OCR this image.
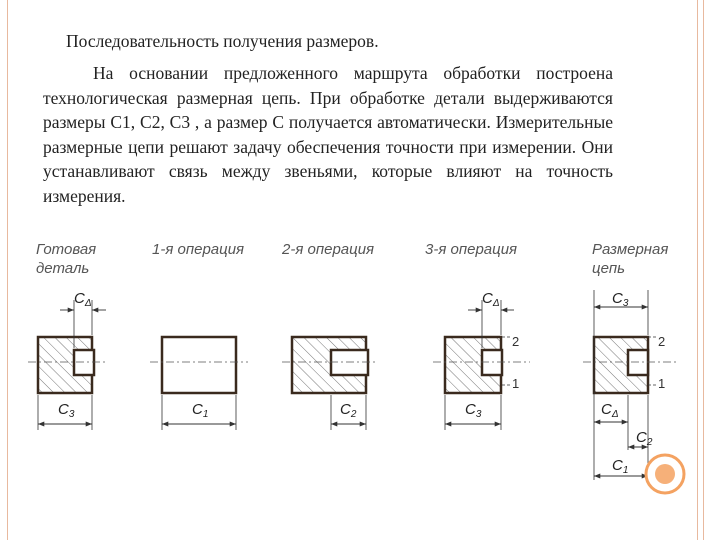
Последовательность получения размеров.
На основании предложенного маршрута обработки построена технологическая размерная цепь. При обработке детали выдерживаются размеры С1, С2, С3 , а размер С получается автоматически. Измерительные размерные цепи решают задачу обеспечения точности при измерении. Они устанавливают связь между звеньями, которые влияют на точность измерения.
Готовая
деталь
1-я операция	2-я операция	3-я операция	Размерная
цепь
$C_\Delta$
$C_3$	$C_1$	$C_2$
2
1
$C_\Delta$
$C_3$
2
1
$C_3$
$C_\Delta$
$C_2$
$C_1$
